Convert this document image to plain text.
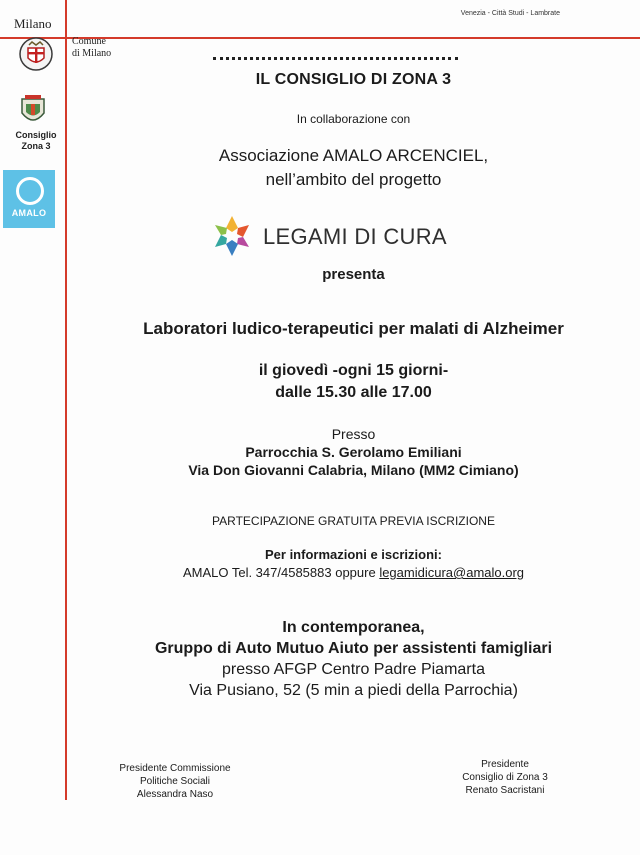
Milano
Comune
di Milano
Venezia - Città Studi - Lambrate
Consiglio
Zona 3
AMALO
IL CONSIGLIO DI ZONA 3
In collaborazione con
Associazione AMALO ARCENCIEL,
nell’ambito del progetto
LEGAMI DI CURA
presenta
Laboratori ludico-terapeutici per malati di Alzheimer
il giovedì -ogni 15 giorni-
dalle 15.30 alle 17.00
Presso
Parrocchia S. Gerolamo Emiliani
Via Don Giovanni Calabria, Milano (MM2 Cimiano)
PARTECIPAZIONE GRATUITA PREVIA ISCRIZIONE
Per informazioni e iscrizioni:
AMALO Tel. 347/4585883 oppure legamidicura@amalo.org
In contemporanea,
Gruppo di Auto Mutuo Aiuto per assistenti famigliari
presso AFGP Centro Padre Piamarta
Via Pusiano, 52 (5 min a piedi della Parrochia)
Presidente Commissione
Politiche Sociali
Alessandra Naso
Presidente
Consiglio di Zona 3
Renato Sacristani
